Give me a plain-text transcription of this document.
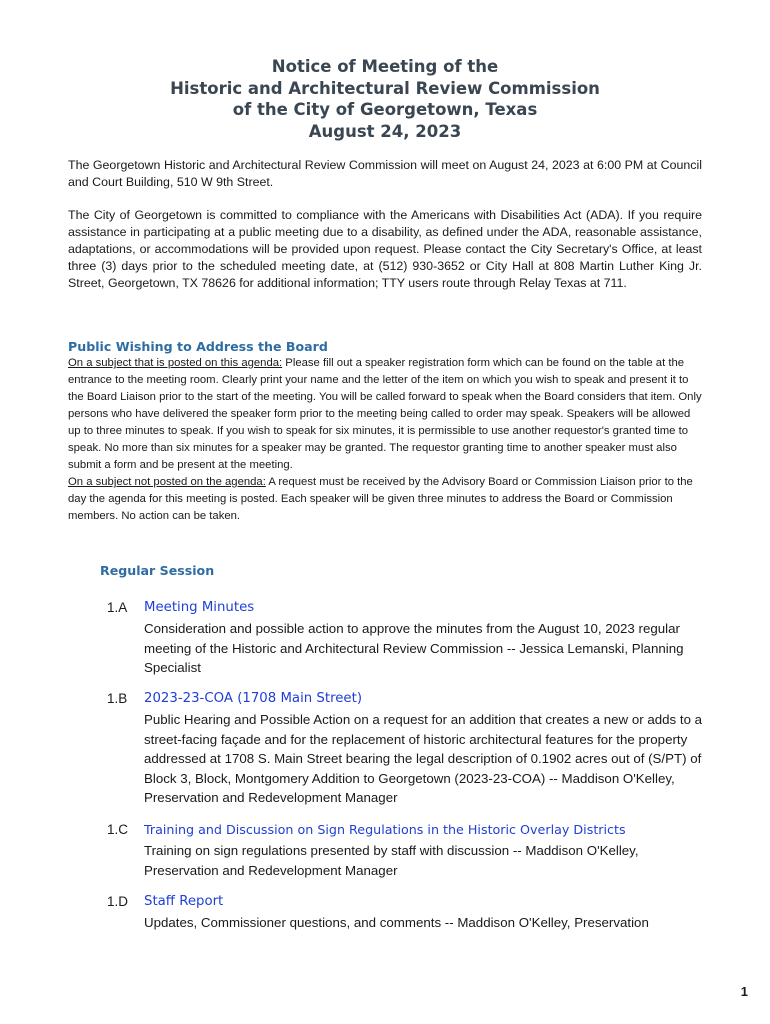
Notice of Meeting of the
Historic and Architectural Review Commission
of the City of Georgetown, Texas
August 24, 2023
The Georgetown Historic and Architectural Review Commission will meet on August 24, 2023 at 6:00 PM at Council and Court Building, 510 W 9th Street.
The City of Georgetown is committed to compliance with the Americans with Disabilities Act (ADA). If you require assistance in participating at a public meeting due to a disability, as defined under the ADA, reasonable assistance, adaptations, or accommodations will be provided upon request. Please contact the City Secretary's Office, at least three (3) days prior to the scheduled meeting date, at (512) 930-3652 or City Hall at 808 Martin Luther King Jr. Street, Georgetown, TX 78626 for additional information; TTY users route through Relay Texas at 711.
Public Wishing to Address the Board
On a subject that is posted on this agenda: Please fill out a speaker registration form which can be found on the table at the entrance to the meeting room. Clearly print your name and the letter of the item on which you wish to speak and present it to the Board Liaison prior to the start of the meeting. You will be called forward to speak when the Board considers that item. Only persons who have delivered the speaker form prior to the meeting being called to order may speak. Speakers will be allowed up to three minutes to speak. If you wish to speak for six minutes, it is permissible to use another requestor's granted time to speak. No more than six minutes for a speaker may be granted. The requestor granting time to another speaker must also submit a form and be present at the meeting.
On a subject not posted on the agenda: A request must be received by the Advisory Board or Commission Liaison prior to the day the agenda for this meeting is posted. Each speaker will be given three minutes to address the Board or Commission members. No action can be taken.
Regular Session
1.A Meeting Minutes
Consideration and possible action to approve the minutes from the August 10, 2023 regular meeting of the Historic and Architectural Review Commission -- Jessica Lemanski, Planning Specialist
1.B 2023-23-COA (1708 Main Street)
Public Hearing and Possible Action on a request for an addition that creates a new or adds to a street-facing façade and for the replacement of historic architectural features for the property addressed at 1708 S. Main Street bearing the legal description of 0.1902 acres out of (S/PT) of Block 3, Block, Montgomery Addition to Georgetown (2023-23-COA) -- Maddison O'Kelley, Preservation and Redevelopment Manager
1.C Training and Discussion on Sign Regulations in the Historic Overlay Districts
Training on sign regulations presented by staff with discussion -- Maddison O'Kelley, Preservation and Redevelopment Manager
1.D Staff Report
Updates, Commissioner questions, and comments -- Maddison O'Kelley, Preservation
1
